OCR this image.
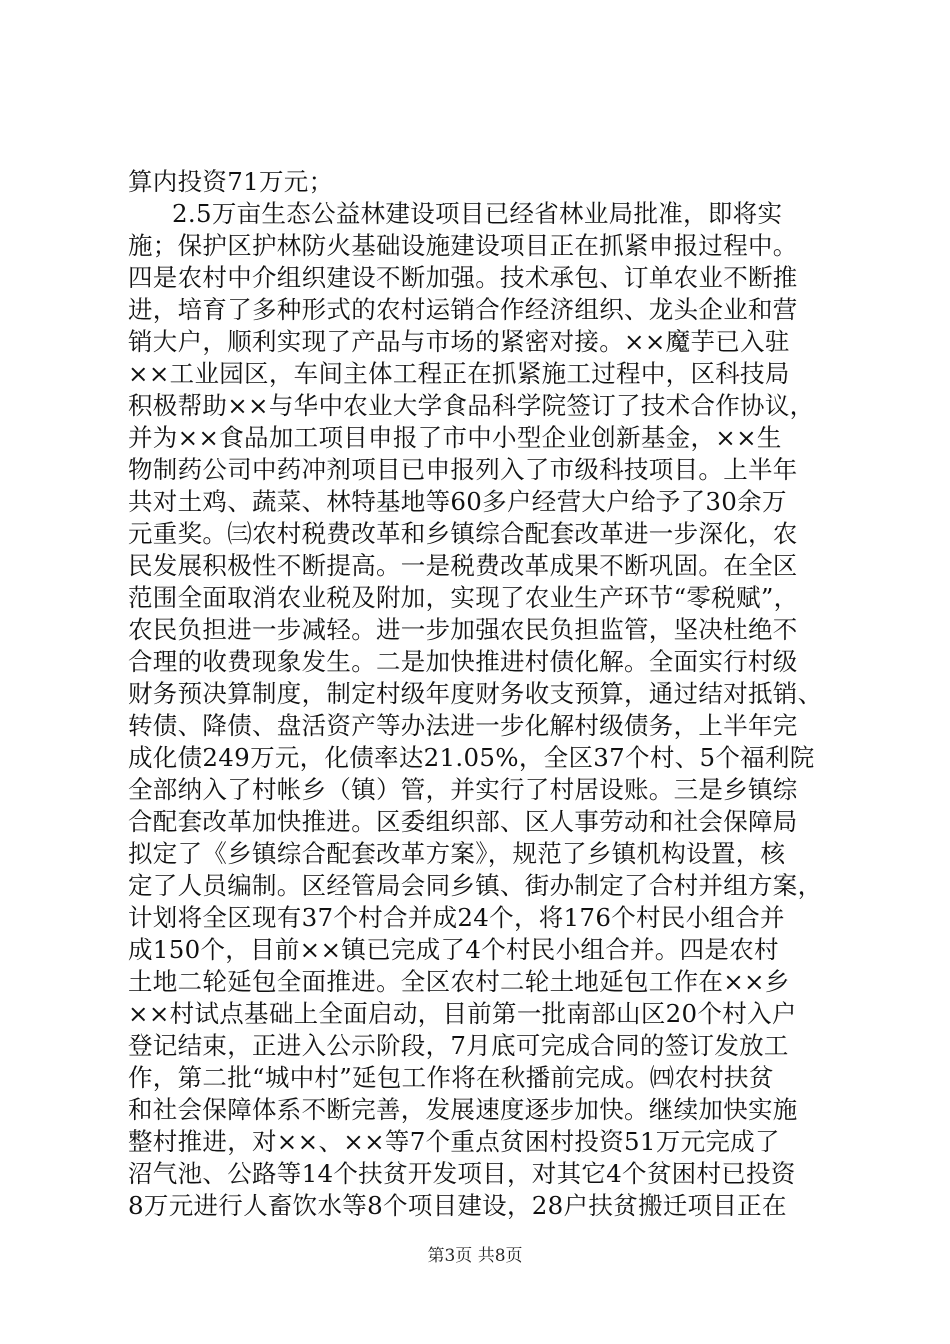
算内投资71万元；
2.5万亩生态公益林建设项目已经省林业局批准，即将实
施；保护区护林防火基础设施建设项目正在抓紧申报过程中。
四是农村中介组织建设不断加强。技术承包、订单农业不断推
进，培育了多种形式的农村运销合作经济组织、龙头企业和营
销大户，顺利实现了产品与市场的紧密对接。××魔芋已入驻
××工业园区，车间主体工程正在抓紧施工过程中，区科技局
积极帮助××与华中农业大学食品科学院签订了技术合作协议，
并为××食品加工项目申报了市中小型企业创新基金，××生
物制药公司中药冲剂项目已申报列入了市级科技项目。上半年
共对土鸡、蔬菜、林特基地等60多户经营大户给予了30余万
元重奖。㈢农村税费改革和乡镇综合配套改革进一步深化，农
民发展积极性不断提高。一是税费改革成果不断巩固。在全区
范围全面取消农业税及附加，实现了农业生产环节“零税赋”，
农民负担进一步减轻。进一步加强农民负担监管，坚决杜绝不
合理的收费现象发生。二是加快推进村债化解。全面实行村级
财务预决算制度，制定村级年度财务收支预算，通过结对抵销、
转债、降债、盘活资产等办法进一步化解村级债务，上半年完
成化债249万元，化债率达21.05%，全区37个村、5个福利院
全部纳入了村帐乡（镇）管，并实行了村居设账。三是乡镇综
合配套改革加快推进。区委组织部、区人事劳动和社会保障局
拟定了《乡镇综合配套改革方案》，规范了乡镇机构设置，核
定了人员编制。区经管局会同乡镇、街办制定了合村并组方案，
计划将全区现有37个村合并成24个，将176个村民小组合并
成150个，目前××镇已完成了4个村民小组合并。四是农村
土地二轮延包全面推进。全区农村二轮土地延包工作在××乡
××村试点基础上全面启动，目前第一批南部山区20个村入户
登记结束，正进入公示阶段，7月底可完成合同的签订发放工
作，第二批“城中村”延包工作将在秋播前完成。㈣农村扶贫
和社会保障体系不断完善，发展速度逐步加快。继续加快实施
整村推进，对××、××等7个重点贫困村投资51万元完成了
沼气池、公路等14个扶贫开发项目，对其它4个贫困村已投资
8万元进行人畜饮水等8个项目建设，28户扶贫搬迁项目正在
第3页 共8页
